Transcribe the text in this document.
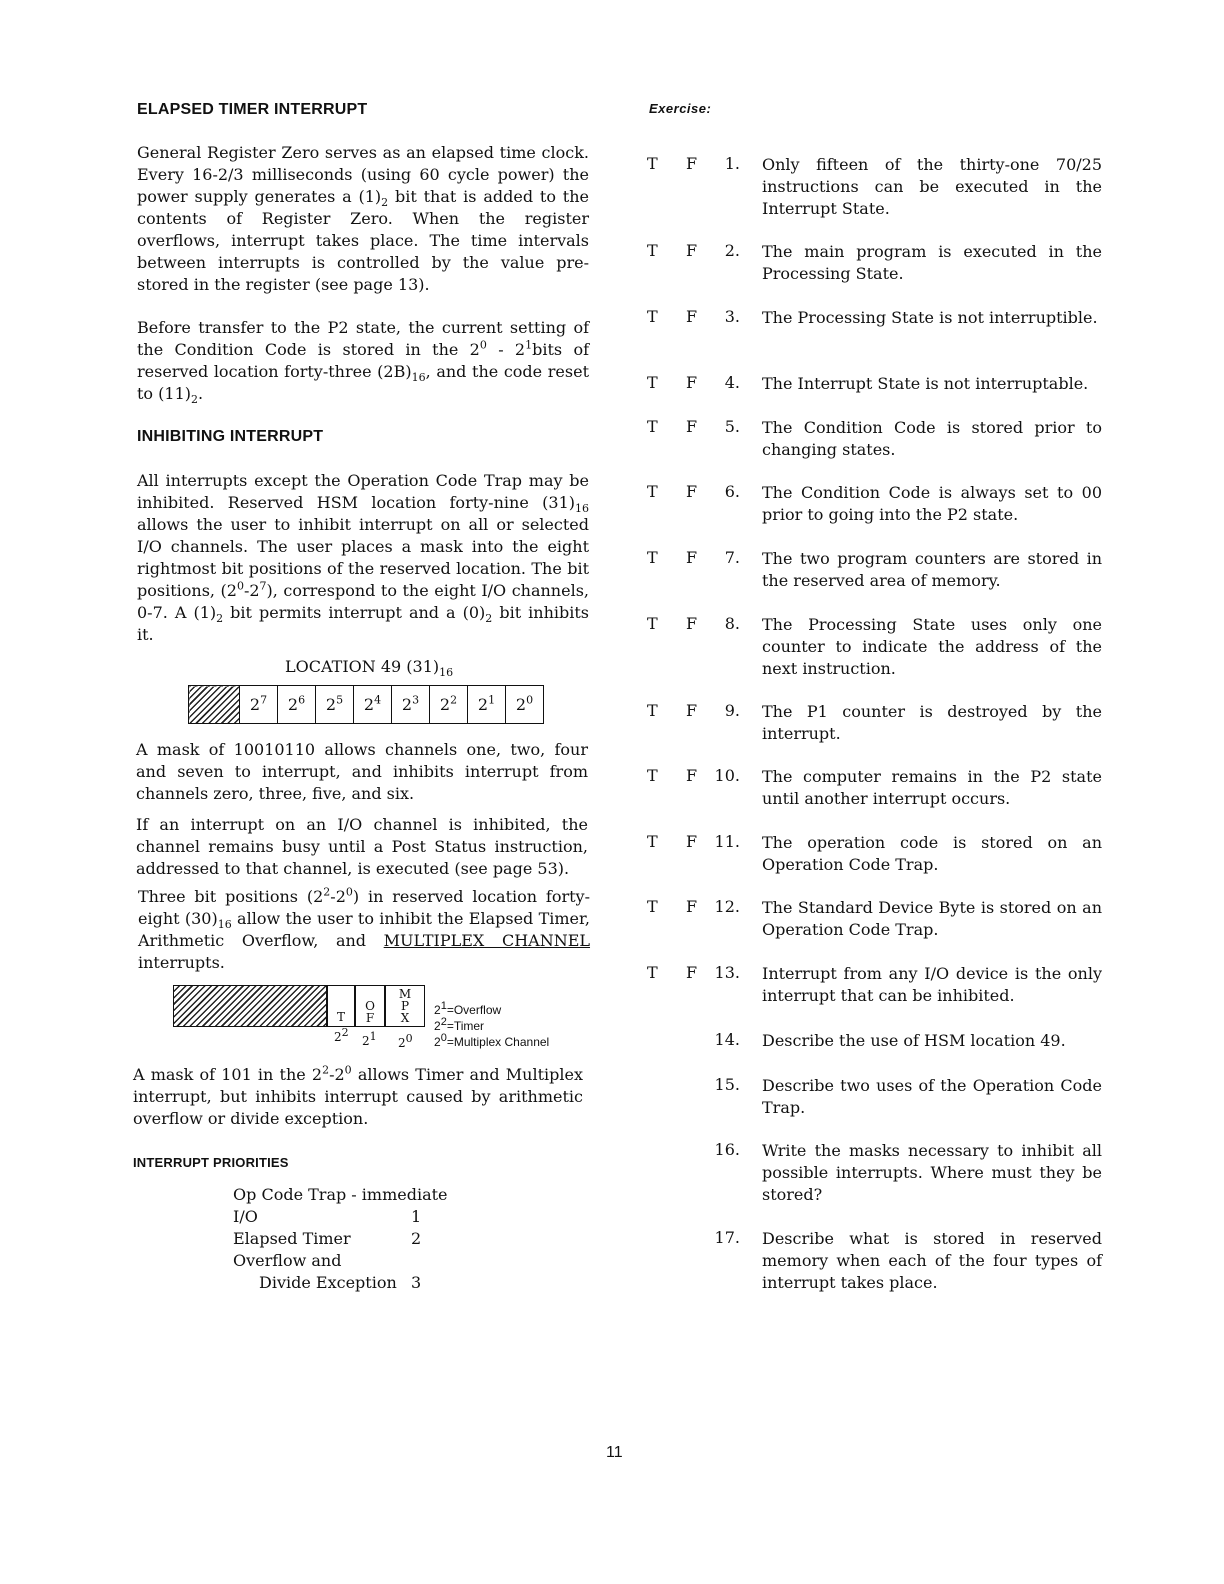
ELAPSED TIMER INTERRUPT

General Register Zero serves as an elapsed time clock. Every 16-2/3 milliseconds (using 60 cycle power) the power supply generates a $(1)_2$ bit that is added to the contents of Register Zero. When the register overflows, interrupt takes place. The time intervals between interrupts is controlled by the value pre-stored in the register (see page 13).

Before transfer to the P2 state, the current setting of the Condition Code is stored in the $2^0$ - $2^1bits$ of reserved location forty-three $(2B)_{16}$, and the code reset to $(11)_2$.

INHIBITING INTERRUPT

All interrupts except the Operation Code Trap may be inhibited. Reserved HSM location forty-nine $(31)_{16}$ allows the user to inhibit interrupt on all or selected I/O channels. The user places a mask into the eight rightmost bit positions of the reserved location. The bit positions, $(2^0-2^7)$, correspond to the eight I/O channels, 0-7. A $(1)_2$ bit permits interrupt and a $(0)_2$ bit inhibits it.

LOCATION 49 $(31)_{16}$
	$2^7$	$2^6$	$2^5$	$2^4$	$2^3$	$2^2$	$2^1$	$2^0$

A mask of 10010110 allows channels one, two, four and seven to interrupt, and inhibits interrupt from channels zero, three, five, and six.

If an interrupt on an I/O channel is inhibited, the channel remains busy until a Post Status instruction, addressed to that channel, is executed (see page 53).

Three bit positions $(2^2-2^0)$ in reserved location forty-eight $(30)_{16}$ allow the user to inhibit the Elapsed Timer, Arithmetic Overflow, and MULTIPLEX CHANNEL interrupts.

T
O
F
M
P
X
$2^2$
$2^1$ $2^0$
$2^1=Overflow$
$2^2=Timer$
$2^0=Multiplex$ Channel

A mask of 101 in the $2^2-2^0$ allows Timer and Multiplex interrupt, but inhibits interrupt caused by arithmetic overflow or divide exception.

INTERRUPT PRIORITIES
Op Code Trap - immediate	
I/O	1
Elapsed Timer	2
Overflow and	
Divide Exception	3
Exercise:
T F	1. Only fifteen of the thirty-one 70/25 instructions can be executed in the Interrupt State.
T F	2. The main program is executed in the Processing State.
T F	3. The Processing State is not interruptible.
T F	4. The Interrupt State is not interruptable.
T F	5. The Condition Code is stored prior to changing states.
T F	6. The Condition Code is always set to 00 prior to going into the P2 state.
T F	7. The two program counters are stored in the reserved area of memory.
T F	8. The Processing State uses only one counter to indicate the address of the next instruction.
T F	9. The P1 counter is destroyed by the interrupt.
T F	10. The computer remains in the P2 state until another interrupt occurs.
T F	11. The operation code is stored on an Operation Code Trap.
T F	12. The Standard Device Byte is stored on an Operation Code Trap.
T F	13. Interrupt from any I/O device is the only interrupt that can be inhibited.
14. Describe the use of HSM location 49.
15. Describe two uses of the Operation Code Trap.
16. Write the masks necessary to inhibit all possible interrupts. Where must they be stored?
17. Describe what is stored in reserved memory when each of the four types of interrupt takes place.
11
